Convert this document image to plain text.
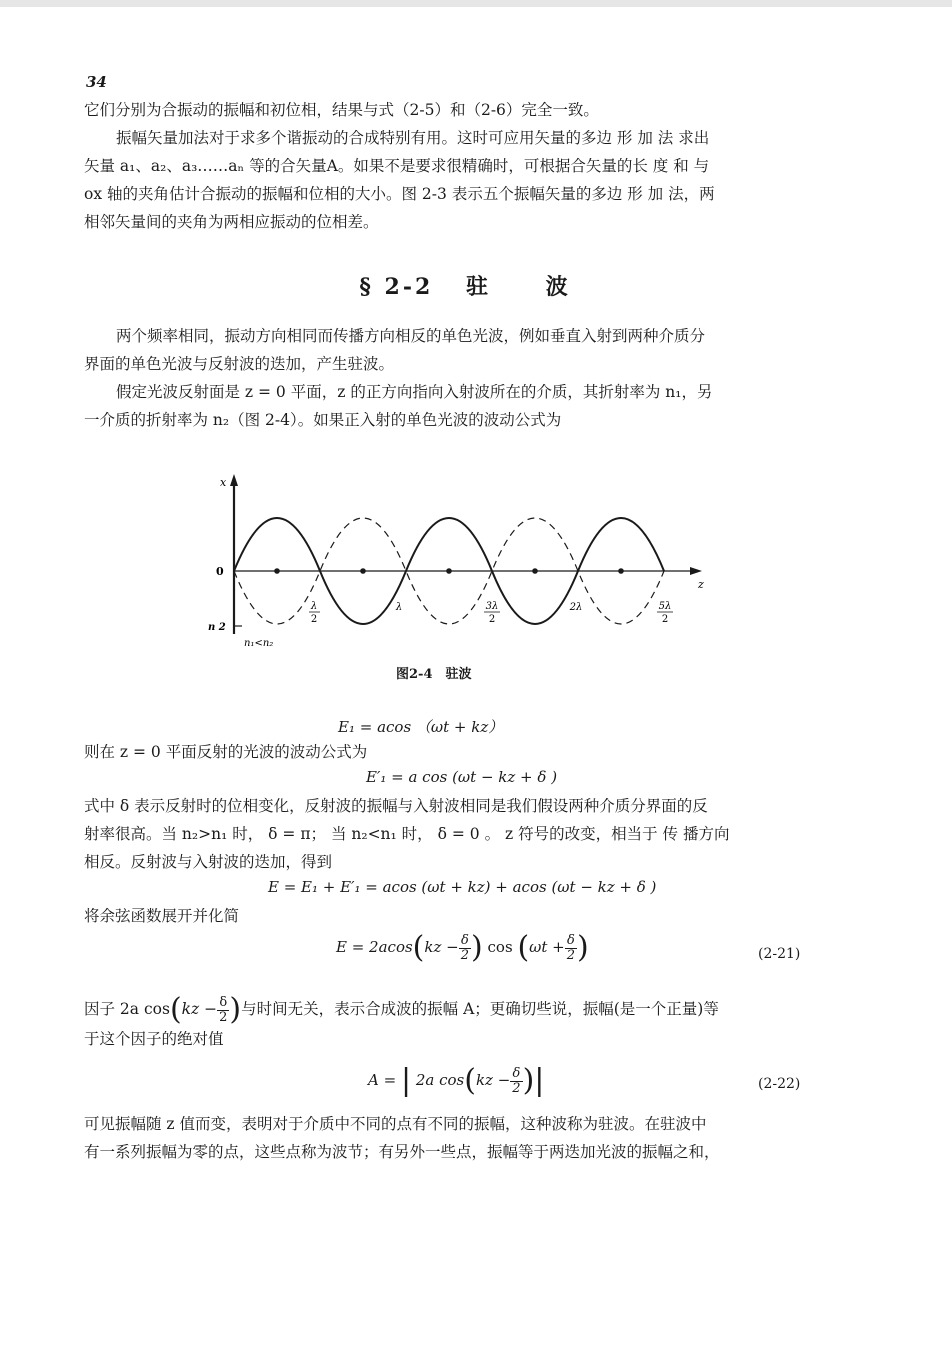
34

它们分别为合振动的振幅和初位相，结果与式（2-5）和（2-6）完全一致。
振幅矢量加法对于求多个谐振动的合成特别有用。这时可应用矢量的多边 形 加 法 求出
矢量 a₁、a₂、a₃……aₙ 等的合矢量A。如果不是要求很精确时，可根据合矢量的长 度 和 与
ox 轴的夹角估计合振动的振幅和位相的大小。图 2-3 表示五个振幅矢量的多边 形 加 法，两
相邻矢量间的夹角为两相应振动的位相差。

§ 2-2 驻 波

两个频率相同，振动方向相同而传播方向相反的单色光波，例如垂直入射到两种介质分
界面的单色光波与反射波的迭加，产生驻波。
假定光波反射面是 z = 0 平面，z 的正方向指向入射波所在的介质，其折射率为 n₁，另
一介质的折射率为 n₂（图 2-4）。如果正入射的单色光波的波动公式为

x
z
0
n 2
n₁<n₂
λ
2
λ	3λ
2
2λ	5λ
2
图2-4　驻波
E₁ = acos （ωt + kz）
则在 z = 0 平面反射的光波的波动公式为
E′₁ = a cos (ωt − kz + δ )

式中 δ 表示反射时的位相变化，反射波的振幅与入射波相同是我们假设两种介质分界面的反
射率很高。当 n₂>n₁ 时， δ = π； 当 n₂<n₁ 时， δ = 0 。 z 符号的改变，相当于 传 播方向
相反。反射波与入射波的迭加，得到

E = E₁ + E′₁ = acos (ωt + kz) + acos (ωt − kz + δ )
将余弦函数展开并化简
$E = 2acos(kz - \frac{\delta}{2}$ ) $\cos (\omega t + \frac{\delta}{2}$ )	(2-21)
因子 2a $\cos(kz - \frac{\delta}{2}$ )与时间无关，表示合成波的振幅 A；更确切些说，振幅(是一个正量)等
于这个因子的绝对值
A = | 2a $\cos(kz - \frac{\delta}{2}$ )|	(2-22)

可见振幅随 z 值而变，表明对于介质中不同的点有不同的振幅，这种波称为驻波。在驻波中
有一系列振幅为零的点，这些点称为波节；有另外一些点，振幅等于两迭加光波的振幅之和，
